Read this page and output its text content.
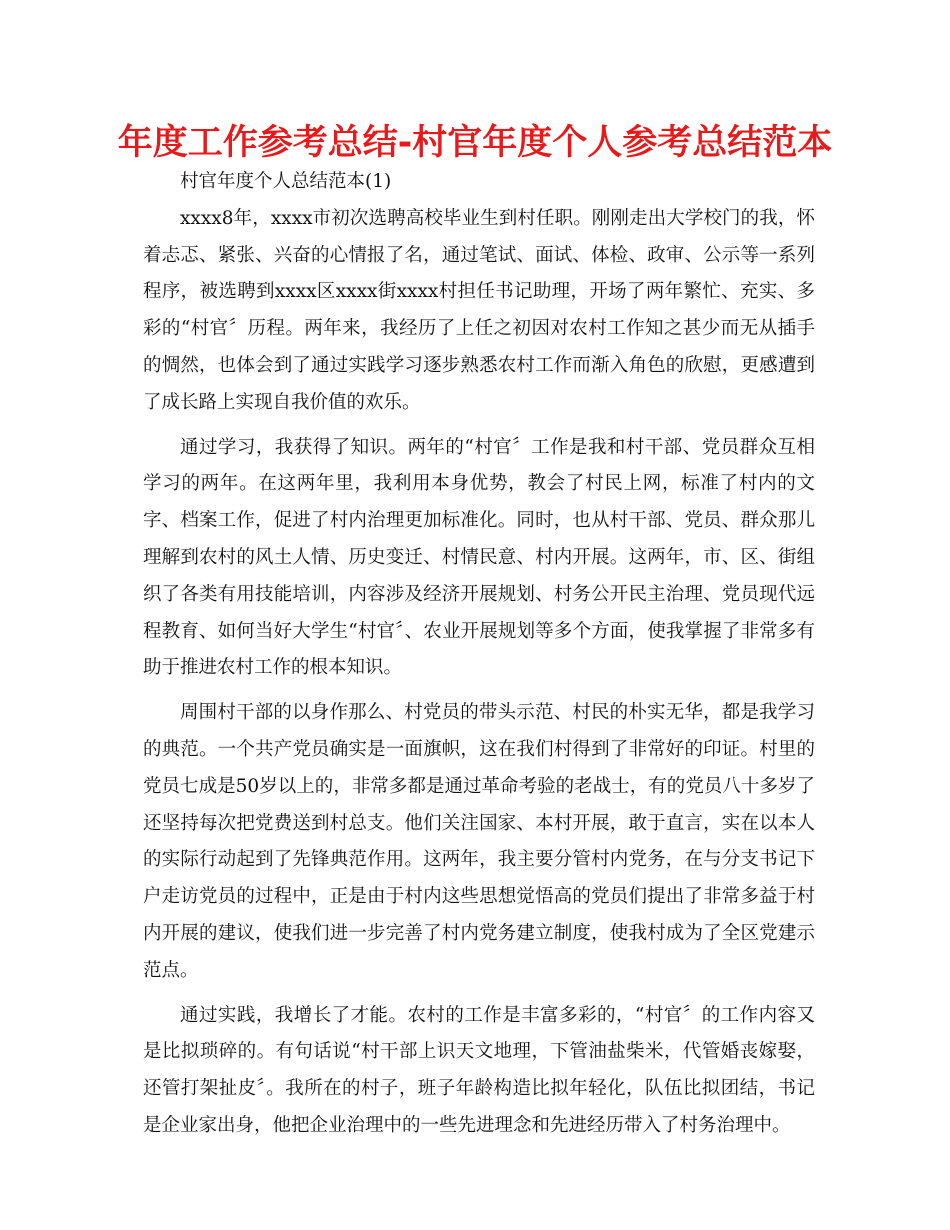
年度工作参考总结-村官年度个人参考总结范本

村官年度个人总结范本(1)

xxxx8年，xxxx市初次选聘高校毕业生到村任职。刚刚走出大学校门的我，怀着忐忑、紧张、兴奋的心情报了名，通过笔试、面试、体检、政审、公示等一系列程序，被选聘到xxxx区xxxx街xxxx村担任书记助理，开场了两年繁忙、充实、多彩的“村官〞历程。两年来，我经历了上任之初因对农村工作知之甚少而无从插手的惆然，也体会到了通过实践学习逐步熟悉农村工作而渐入角色的欣慰，更感遭到了成长路上实现自我价值的欢乐。

通过学习，我获得了知识。两年的“村官〞工作是我和村干部、党员群众互相学习的两年。在这两年里，我利用本身优势，教会了村民上网，标准了村内的文字、档案工作，促进了村内治理更加标准化。同时，也从村干部、党员、群众那儿理解到农村的风土人情、历史变迁、村情民意、村内开展。这两年，市、区、街组织了各类有用技能培训，内容涉及经济开展规划、村务公开民主治理、党员现代远程教育、如何当好大学生“村官〞、农业开展规划等多个方面，使我掌握了非常多有助于推进农村工作的根本知识。

周围村干部的以身作那么、村党员的带头示范、村民的朴实无华，都是我学习的典范。一个共产党员确实是一面旗帜，这在我们村得到了非常好的印证。村里的党员七成是50岁以上的，非常多都是通过革命考验的老战士，有的党员八十多岁了还坚持每次把党费送到村总支。他们关注国家、本村开展，敢于直言，实在以本人的实际行动起到了先锋典范作用。这两年，我主要分管村内党务，在与分支书记下户走访党员的过程中，正是由于村内这些思想觉悟高的党员们提出了非常多益于村内开展的建议，使我们进一步完善了村内党务建立制度，使我村成为了全区党建示范点。

通过实践，我增长了才能。农村的工作是丰富多彩的，“村官〞的工作内容又是比拟琐碎的。有句话说“村干部上识天文地理，下管油盐柴米，代管婚丧嫁娶，还管打架扯皮〞。我所在的村子，班子年龄构造比拟年轻化，队伍比拟团结，书记是企业家出身，他把企业治理中的一些先进理念和先进经历带入了村务治理中。
